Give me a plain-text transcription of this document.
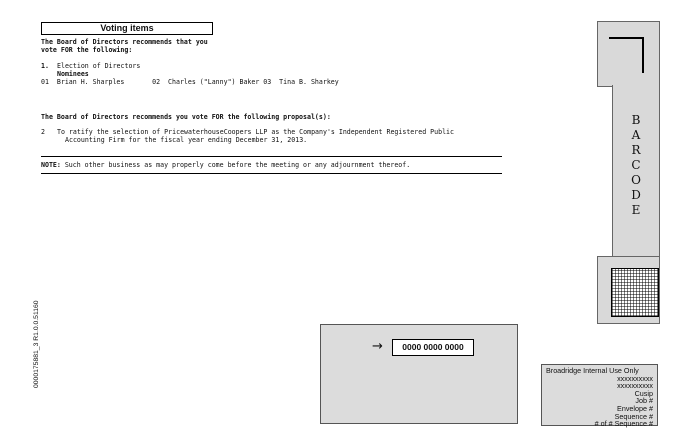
Voting items
The Board of Directors recommends that you
vote FOR the following:
1. Election of Directors
Nominees
01  Brian H. Sharples       02  Charles ("Lanny") Baker 03  Tina B. Sharkey
The Board of Directors recommends you vote FOR the following proposal(s):
2 To ratify the selection of PricewaterhouseCoopers LLP as the Company's Independent Registered Public
Accounting Firm for the fiscal year ending December 31, 2013.
NOTE: Such other business as may properly come before the meeting or any adjournment thereof.
B
A
R
C
O
D
E
→	0000 0000 0000
Broadridge Internal Use Only
xxxxxxxxxx
xxxxxxxxxx
Cusip
Job #
Envelope #
Sequence #
# of # Sequence #
0000175881_3 R1.0.0.51160
